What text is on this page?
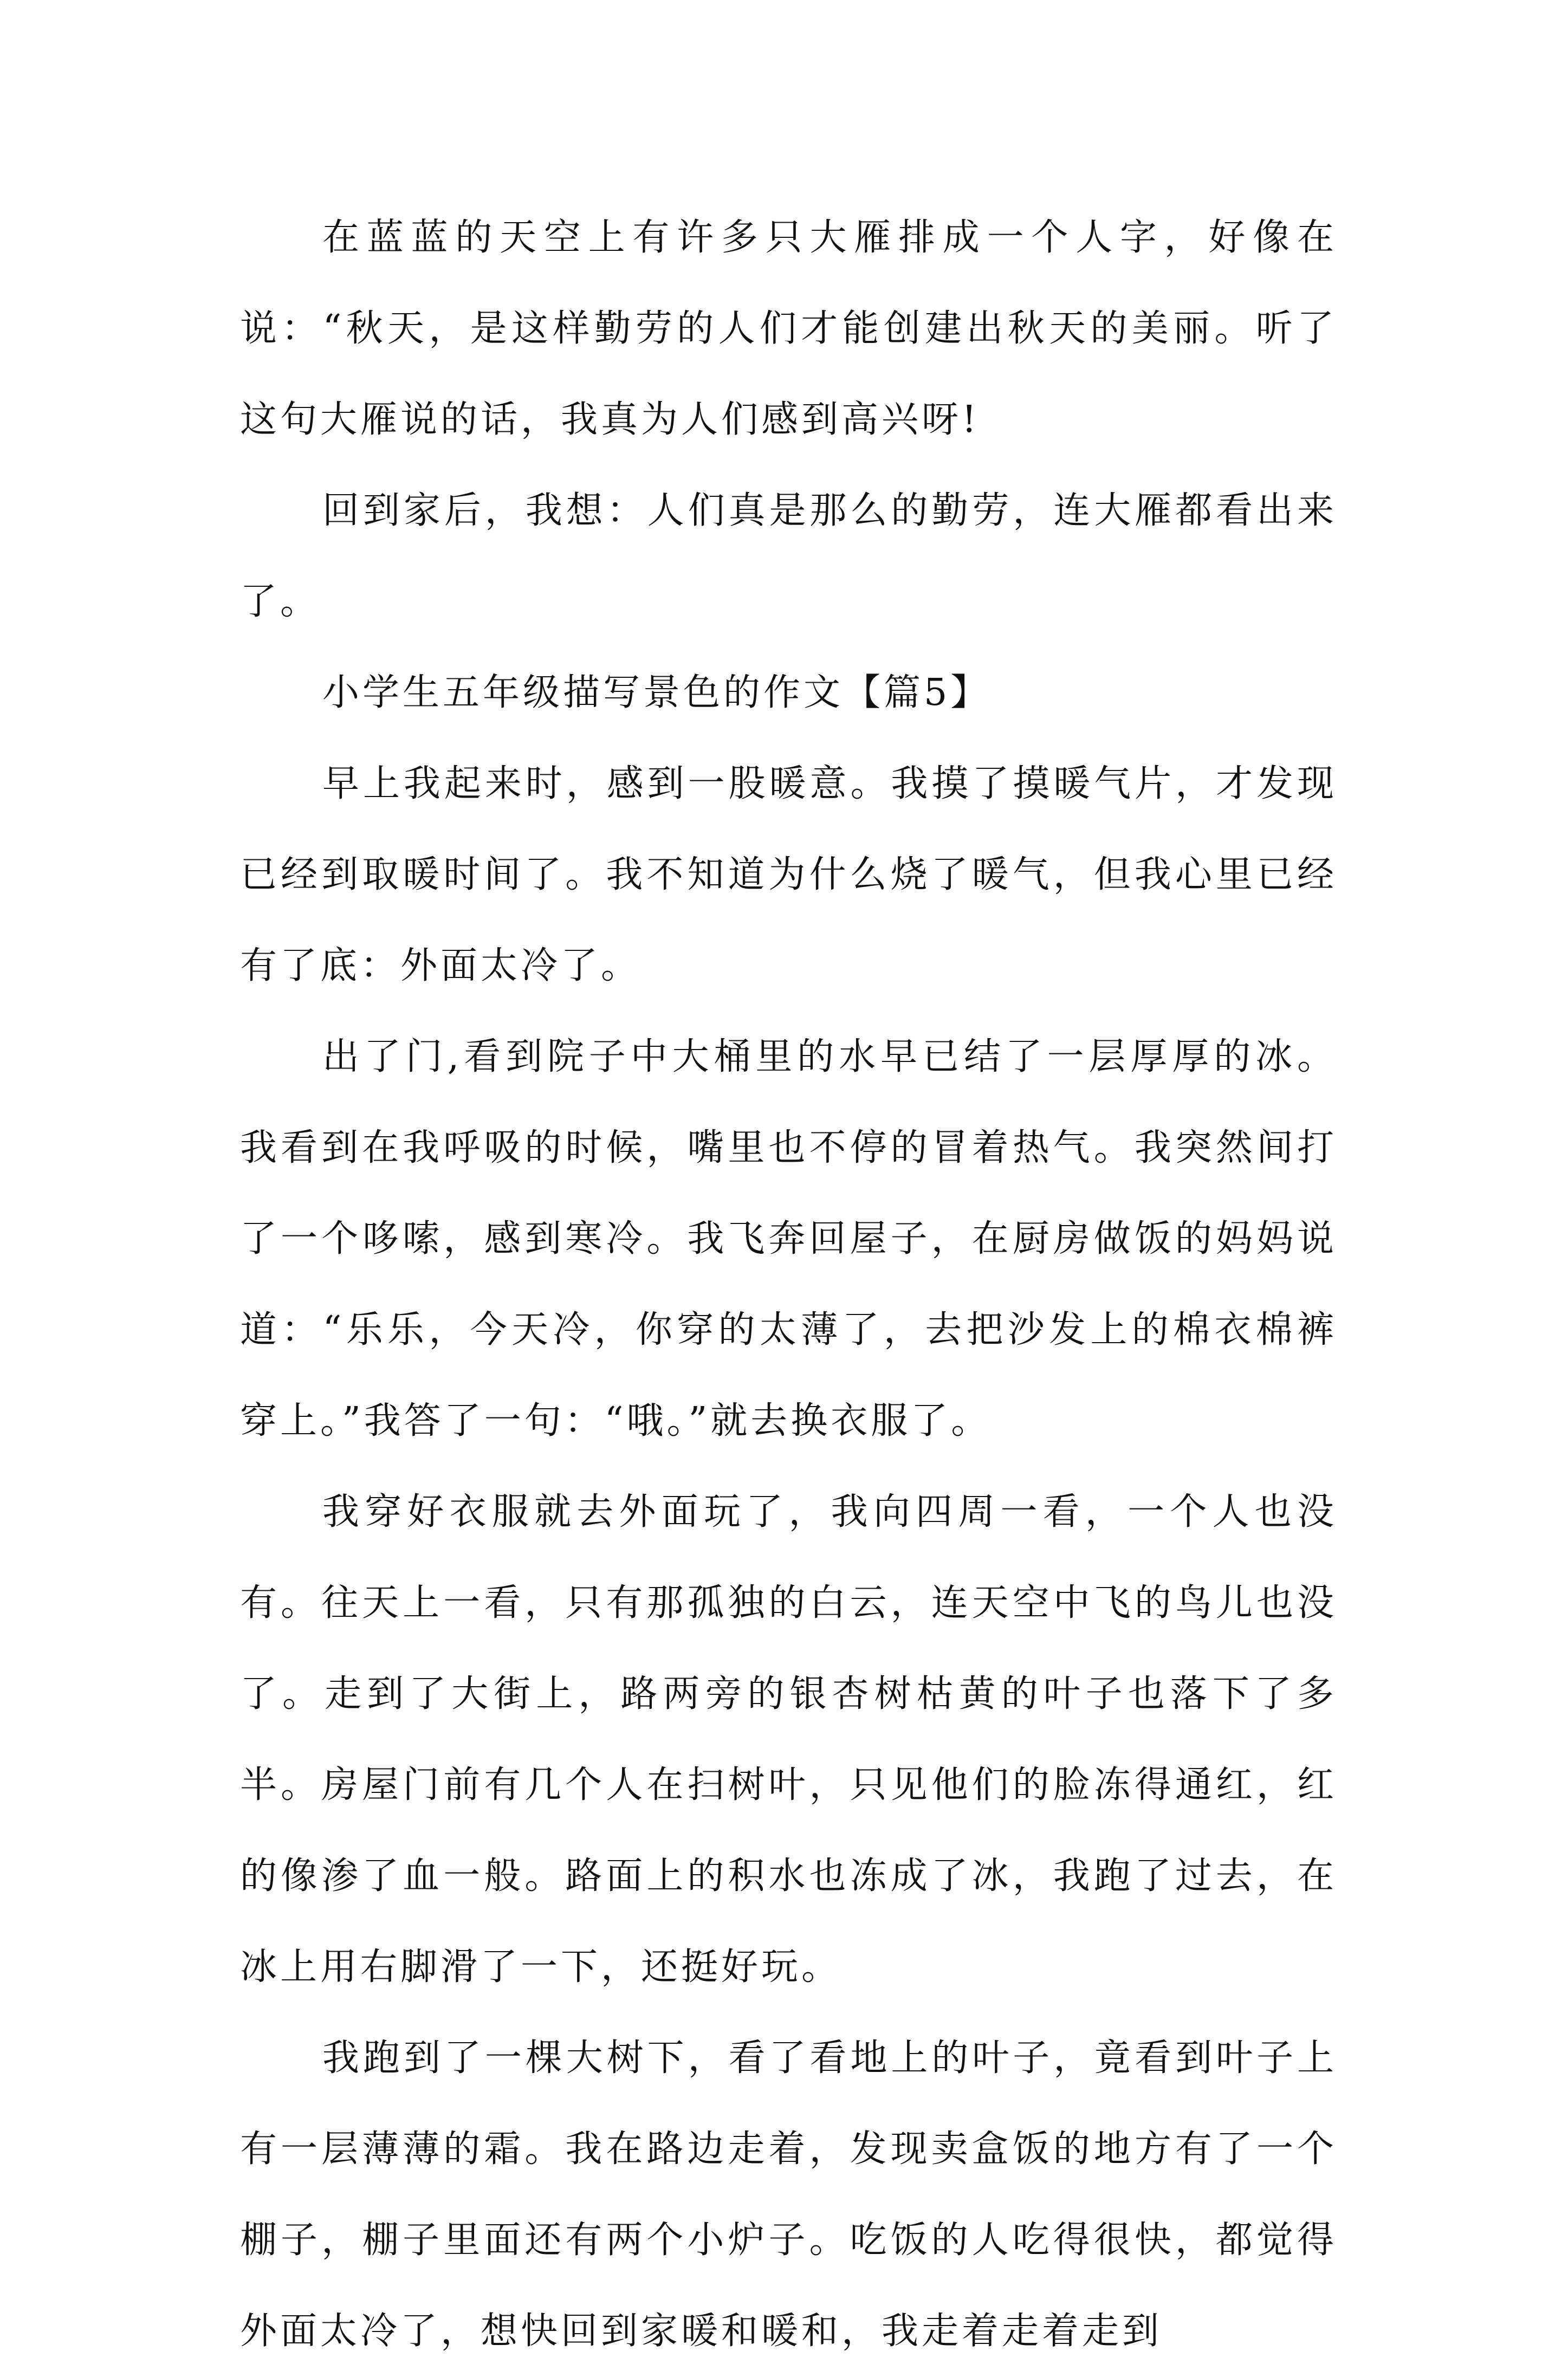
在蓝蓝的天空上有许多只大雁排成一个人字，好像在说：“秋天，是这样勤劳的人们才能创建出秋天的美丽。听了这句大雁说的话，我真为人们感到高兴呀!

回到家后，我想：人们真是那么的勤劳，连大雁都看出来了。

小学生五年级描写景色的作文【篇5】

早上我起来时，感到一股暖意。我摸了摸暖气片，才发现已经到取暖时间了。我不知道为什么烧了暖气，但我心里已经有了底：外面太冷了。

出了门,看到院子中大桶里的水早已结了一层厚厚的冰。我看到在我呼吸的时候，嘴里也不停的冒着热气。我突然间打了一个哆嗦，感到寒冷。我飞奔回屋子，在厨房做饭的妈妈说道：“乐乐，今天冷，你穿的太薄了，去把沙发上的棉衣棉裤穿上。”我答了一句：“哦。”就去换衣服了。

我穿好衣服就去外面玩了，我向四周一看，一个人也没有。往天上一看，只有那孤独的白云，连天空中飞的鸟儿也没了。走到了大街上，路两旁的银杏树枯黄的叶子也落下了多半。房屋门前有几个人在扫树叶，只见他们的脸冻得通红，红的像渗了血一般。路面上的积水也冻成了冰，我跑了过去，在冰上用右脚滑了一下，还挺好玩。

我跑到了一棵大树下，看了看地上的叶子，竟看到叶子上有一层薄薄的霜。我在路边走着，发现卖盒饭的地方有了一个棚子，棚子里面还有两个小炉子。吃饭的人吃得很快，都觉得外面太冷了，想快回到家暖和暖和，我走着走着走到
